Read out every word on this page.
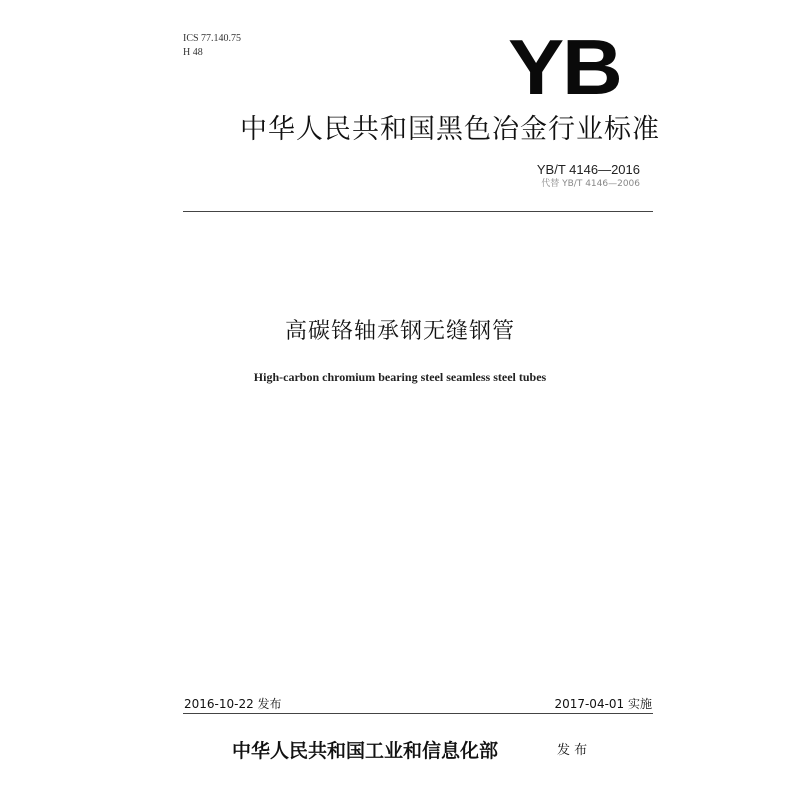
ICS 77.140.75
H 48	YB
中华人民共和国黑色冶金行业标准
YB/T 4146—2016
代替 YB/T 4146—2006
高碳铬轴承钢无缝钢管
High-carbon chromium bearing steel seamless steel tubes
2016-10-22 发布	2017-04-01 实施
中华人民共和国工业和信息化部	发 布
